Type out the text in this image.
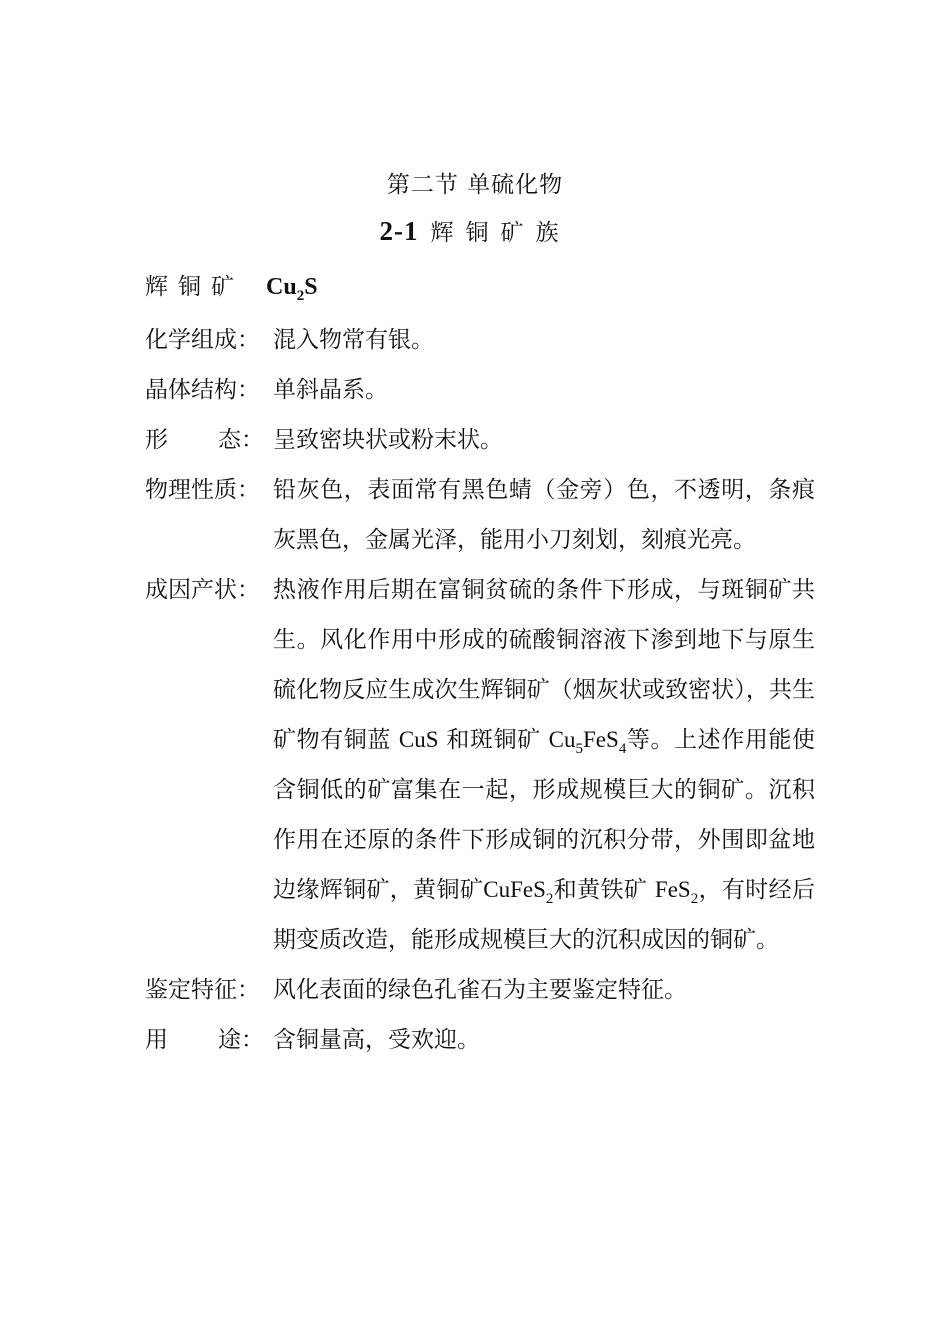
第二节 单硫化物
2-1 辉铜矿族
辉铜矿 $Cu_2S$
化学组成： 混入物常有银。
晶体结构： 单斜晶系。
形 态： 呈致密块状或粉末状。
物理性质： 铅灰色，表面常有黑色蜻（金旁）色，不透明，条痕灰黑色，金属光泽，能用小刀刻划，刻痕光亮。
成因产状： 热液作用后期在富铜贫硫的条件下形成，与斑铜矿共生。风化作用中形成的硫酸铜溶液下渗到地下与原生硫化物反应生成次生辉铜矿（烟灰状或致密状），共生矿物有铜蓝 CuS 和斑铜矿 $Cu_5FeS_4$等。上述作用能使含铜低的矿富集在一起，形成规模巨大的铜矿。沉积作用在还原的条件下形成铜的沉积分带，外围即盆地边缘辉铜矿，黄铜矿CuFeS$_2$和黄铁矿 FeS$_2$，有时经后期变质改造，能形成规模巨大的沉积成因的铜矿。
鉴定特征： 风化表面的绿色孔雀石为主要鉴定特征。
用 途： 含铜量高，受欢迎。
